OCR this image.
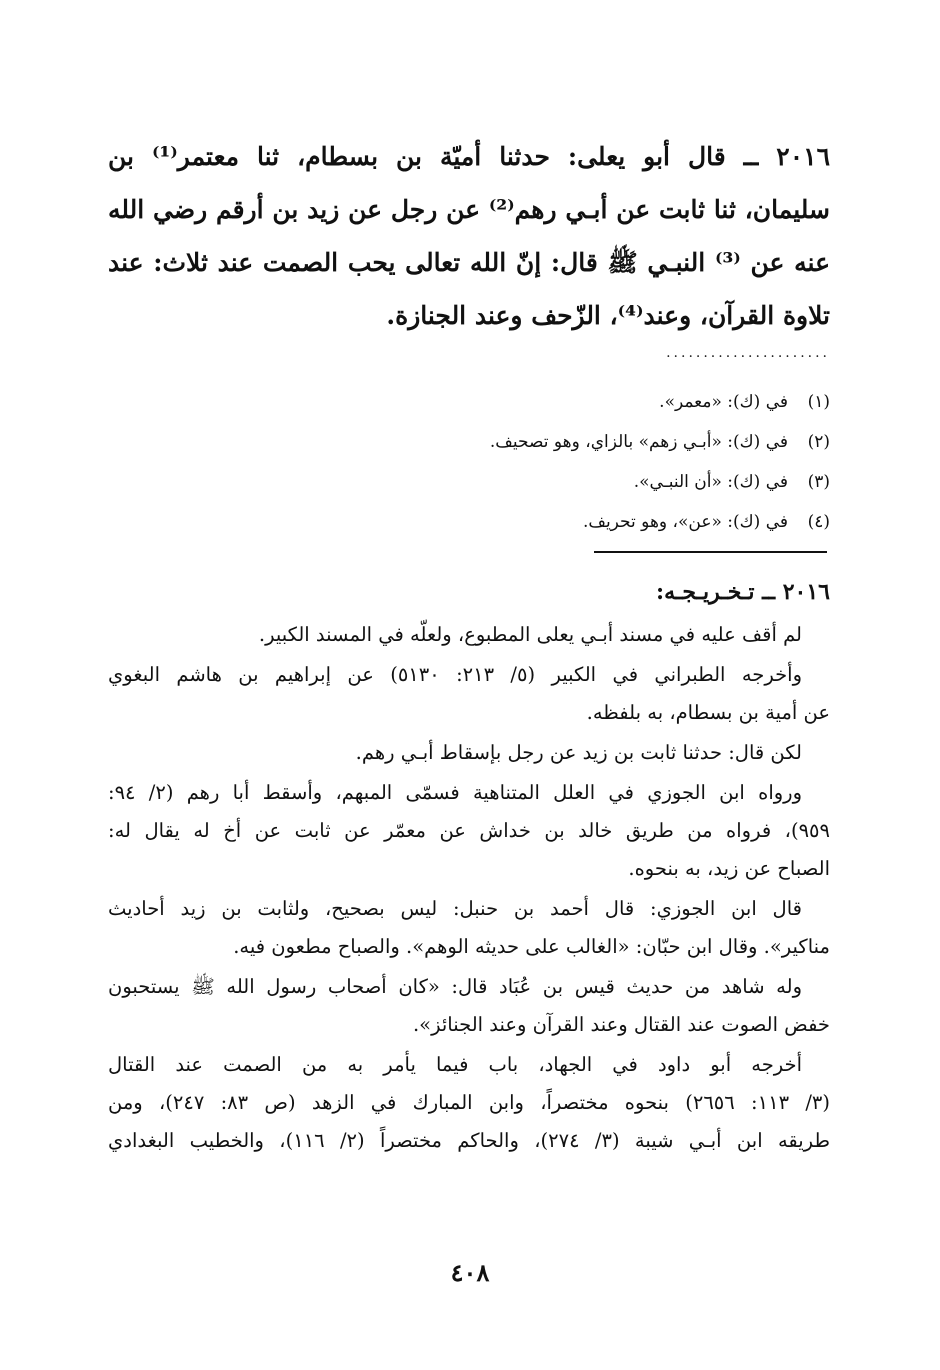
٢٠١٦ ــ قال أبو يعلى: حدثنا أميّة بن بسطام، ثنا معتمر⁽¹⁾ بن
سليمان، ثنا ثابت عن أبـي رهم⁽²⁾ عن رجل عن زيد بن أرقم رضي الله
عنه عن ⁽³⁾ النبـي ﷺ قال: إنّ الله تعالى يحب الصمت عند ثلاث: عند
تلاوة القرآن، وعند⁽⁴⁾، الزّحف وعند الجنازة.
......................
(١)في (ك): «معمر».
(٢)في (ك): «أبـي زهم» بالزاي، وهو تصحيف.
(٣)في (ك): «أن النبـي».
(٤)في (ك): «عن»، وهو تحريف.
٢٠١٦ ــ تـخـريـجـه:
لم أقف عليه في مسند أبـي يعلى المطبوع، ولعلّه في المسند الكبير.
وأخرجه الطبراني في الكبير (٥/ ٢١٣: ٥١٣٠) عن إبراهيم بن هاشم البغوي
عن أمية بن بسطام، به بلفظه.
لكن قال: حدثنا ثابت بن زيد عن رجل بإسقاط أبـي رهم.
ورواه ابن الجوزي في العلل المتناهية فسمّى المبهم، وأسقط أبا رهم (٢/ ٩٤:
٩٥٩)، فرواه من طريق خالد بن خداش عن معمّر عن ثابت عن أخ له يقال له:
الصباح عن زيد، به بنحوه.
قال ابن الجوزي: قال أحمد بن حنبل: ليس بصحيح، ولثابت بن زيد أحاديث
مناكير». وقال ابن حبّان: «الغالب على حديثه الوهم». والصباح مطعون فيه.
وله شاهد من حديث قيس بن عُبَاد قال: «كان أصحاب رسول الله ﷺ يستحبون
خفض الصوت عند القتال وعند القرآن وعند الجنائز».
أخرجه أبو داود في الجهاد، باب فيما يأمر به من الصمت عند القتال
(٣/ ١١٣: ٢٦٥٦) بنحوه مختصراً، وابن المبارك في الزهد (ص ٨٣: ٢٤٧)، ومن
طريقه ابن أبـي شيبة (٣/ ٢٧٤)، والحاكم مختصراً (٢/ ١١٦)، والخطيب البغدادي
٤٠٨
